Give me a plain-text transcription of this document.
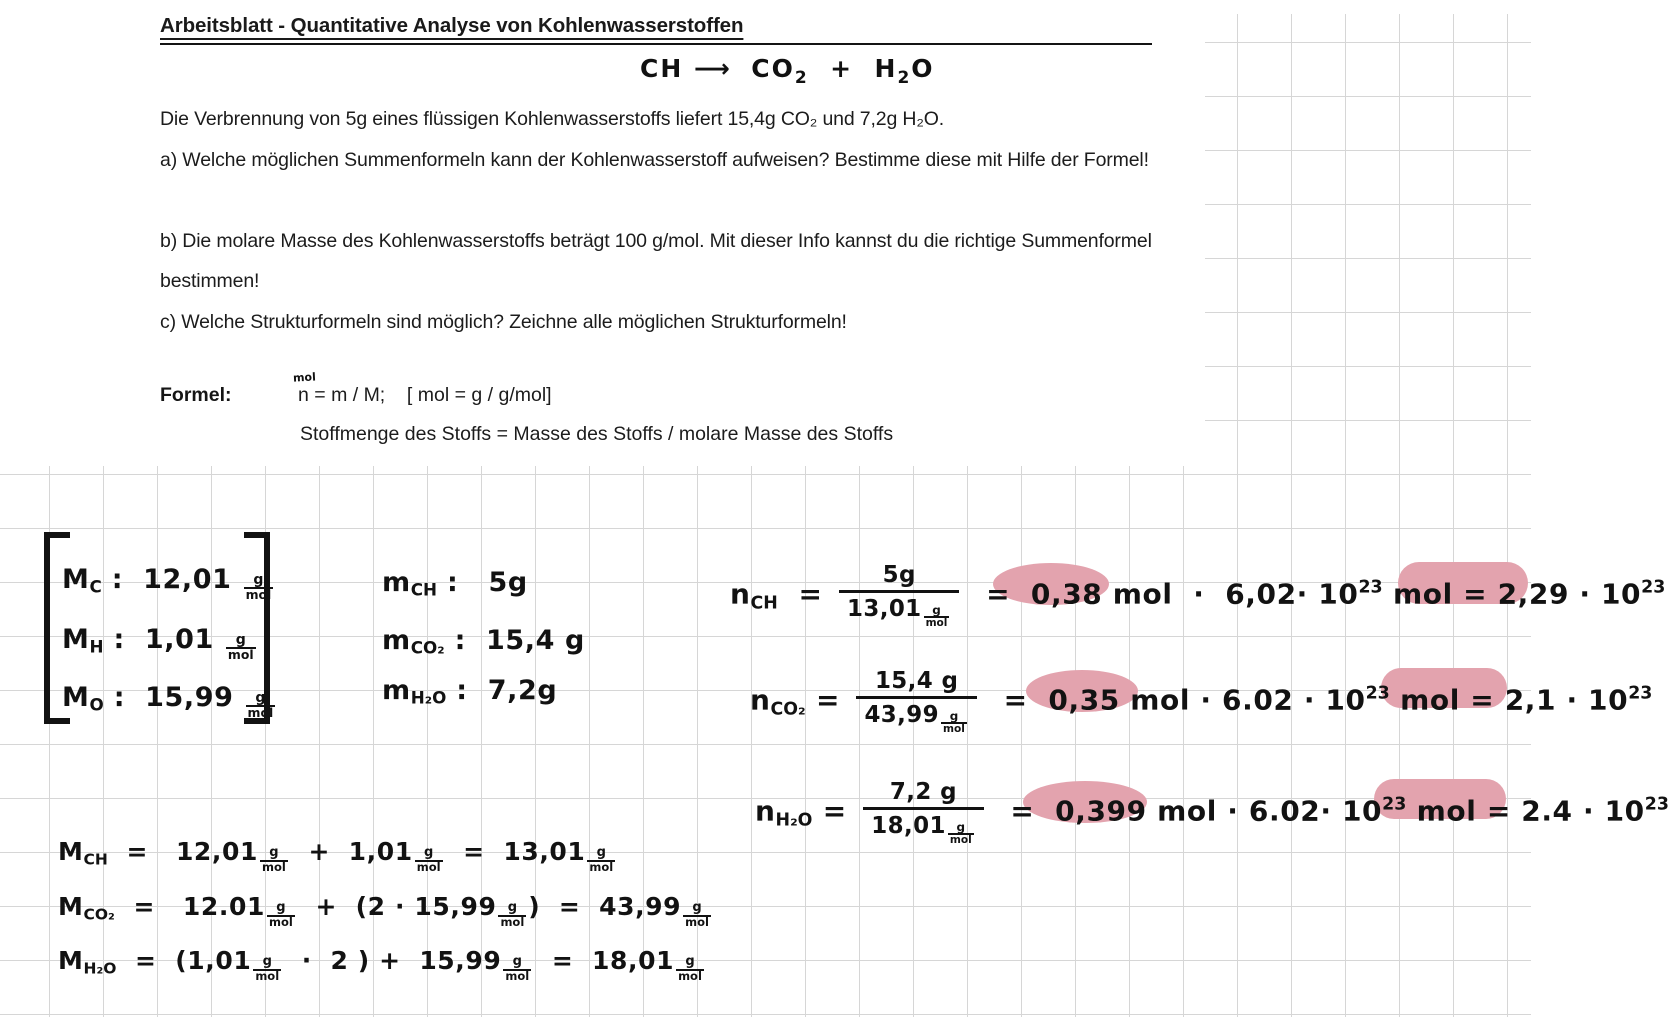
Arbeitsblatt - Quantitative Analyse von Kohlenwasserstoffen
CH ⟶ $CO_2 + H_2O$
Die Verbrennung von 5g eines flüssigen Kohlenwasserstoffs liefert 15,4g CO₂ und 7,2g H₂O.
a) Welche möglichen Summenformeln kann der Kohlenwasserstoff aufweisen? Bestimme diese mit Hilfe der Formel!
b) Die molare Masse des Kohlenwasserstoffs beträgt 100 g/mol. Mit dieser Info kannst du die richtige Summenformel bestimmen!
c) Welche Strukturformeln sind möglich? Zeichne alle möglichen Strukturformeln!
Formel:
mol
n = m / M;    [ mol = g / g/mol]
Stoffmenge des Stoffs = Masse des Stoffs / molare Masse des Stoffs
MC : $12,01 \frac{g}{\text{mol}}$
MH : $1,01 \frac{g}{\text{mol}}$
MO : $15,99 \frac{g}{\text{mol}}$
mCH : 5g
mCO₂ : 15,4 g
mH₂O : 7,2g
nCH =
5g
$13,01 \frac{g}{\text{mol}}$
= 0,38 mol · $6,02\cdot 10^{23}$ mol = $2,29 \cdot 10^{23}$
nCO₂ =
15,4 g
$43,99 \frac{g}{\text{mol}}$
= 0,35 mol · $6.02 \cdot 10^{23}$ mol = $2,1 \cdot 10^{23}$
nH₂O =
7,2 g
$18,01 \frac{g}{\text{mol}}$
= 0,399 mol · $6.02\cdot 10^{23}$ mol = $2.4 \cdot 10^{23}$
MCH = $12,01 \frac{g}{\text{mol}} + 1,01 \frac{g}{\text{mol}} = 13,01 \frac{g}{\text{mol}}$
$MCO_2 = 12.01 \frac{g}{\text{mol}} + (2 \cdot 15,99 \frac{g}{\text{mol}}$ ) = $43,99 \frac{g}{\text{mol}}$
$MH_2O = (1,01 \frac{g}{\text{mol}} \cdot 2$ ) + $15,99 \frac{g}{\text{mol}} = 18,01 \frac{g}{\text{mol}}$
